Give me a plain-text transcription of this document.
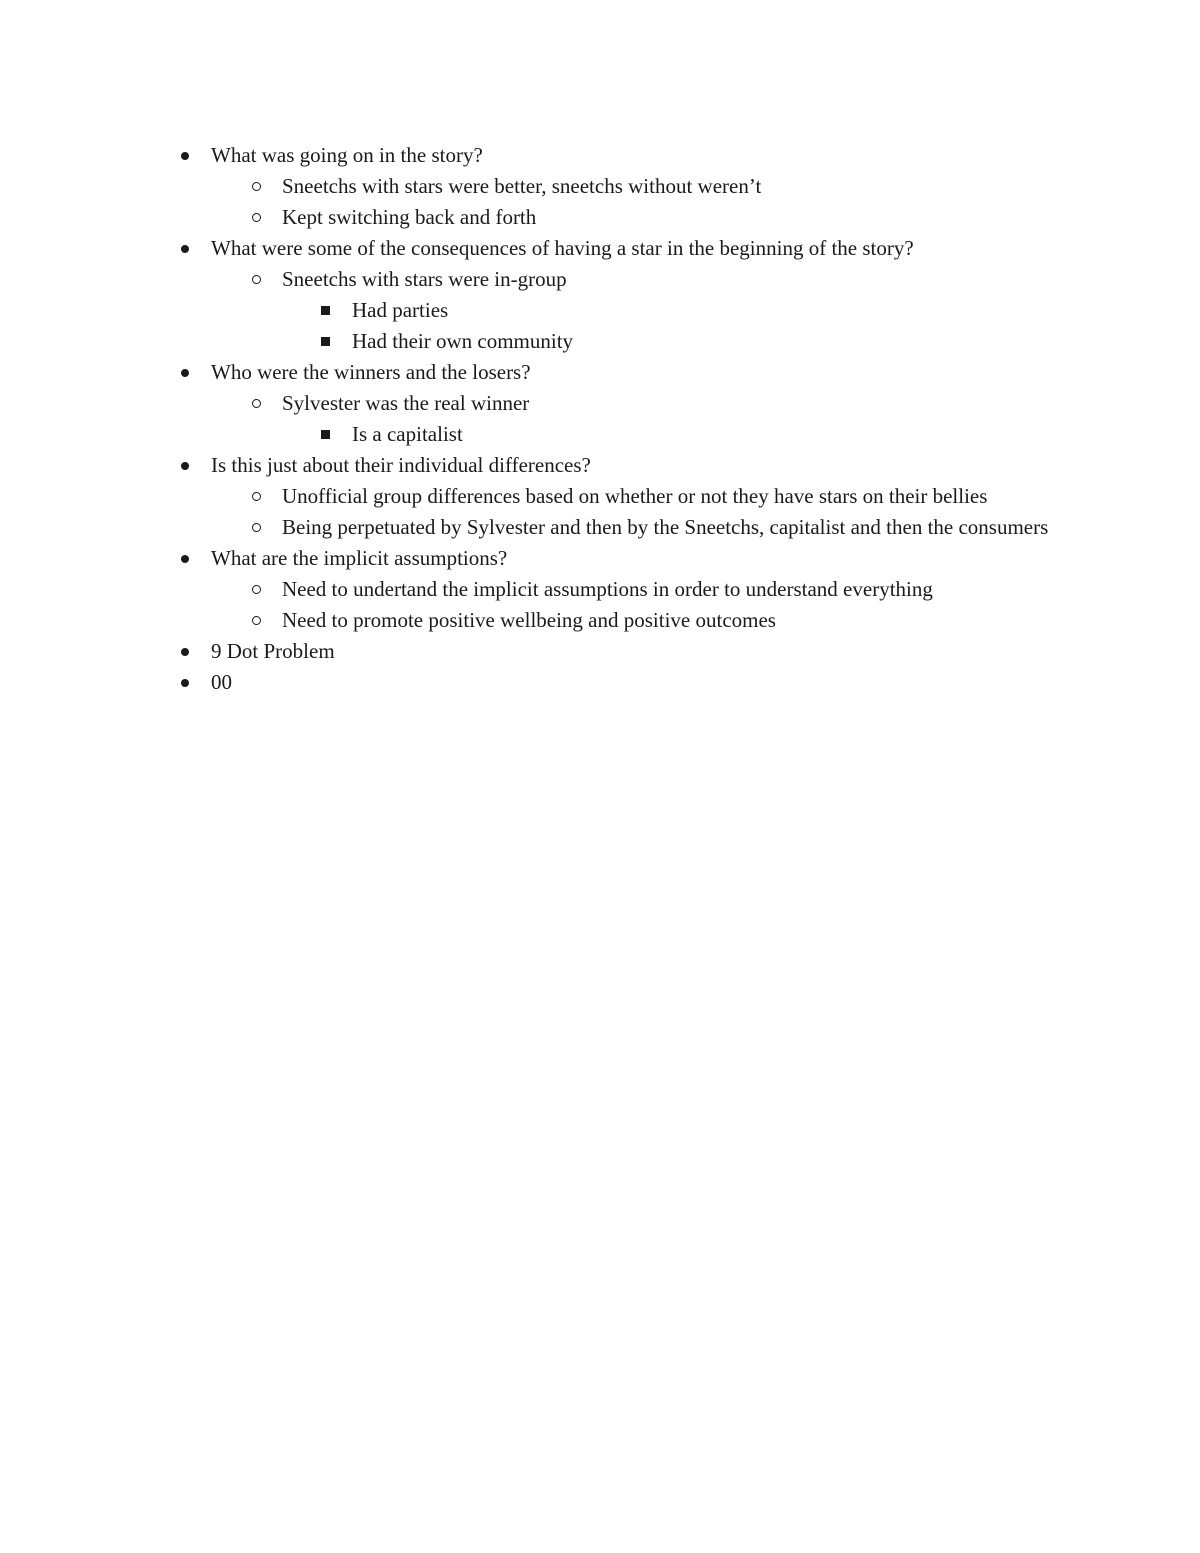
What was going on in the story?
Sneetchs with stars were better, sneetchs without weren’t
Kept switching back and forth
What were some of the consequences of having a star in the beginning of the story?
Sneetchs with stars were in-group
Had parties
Had their own community
Who were the winners and the losers?
Sylvester was the real winner
Is a capitalist
Is this just about their individual differences?
Unofficial group differences based on whether or not they have stars on their bellies
Being perpetuated by Sylvester and then by the Sneetchs, capitalist and then the consumers
What are the implicit assumptions?
Need to undertand the implicit assumptions in order to understand everything
Need to promote positive wellbeing and positive outcomes
9 Dot Problem
00
